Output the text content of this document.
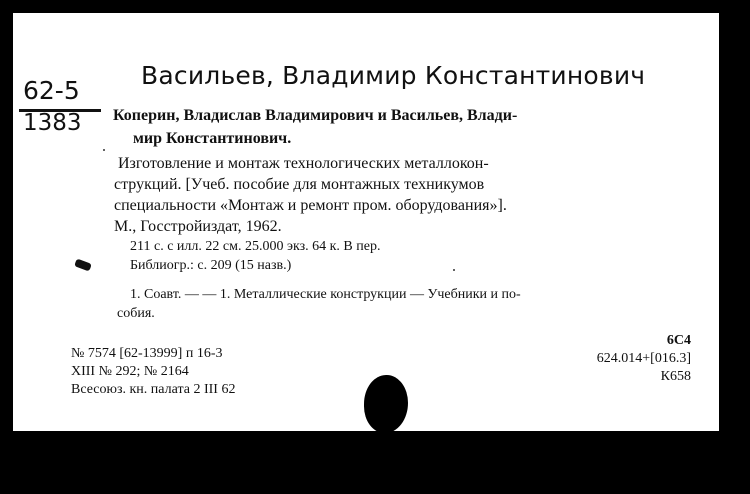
62-5
1383
Васильев, Владимир Константинович
Коперин, Владислав Владимирович и Васильев, Влади-
мир Константинович.
Изготовление и монтаж технологических металлокон-
струкций. [Учеб. пособие для монтажных техникумов
специальности «Монтаж и ремонт пром. оборудования»].
М., Госстройиздат, 1962.
211 с. с илл. 22 см. 25.000 экз. 64 к. В пер.
Библиогр.: с. 209 (15 назв.)
1. Соавт. — — 1. Металлические конструкции — Учебники и по-
собия.
№ 7574 [62-13999] п 16-3
XIII № 292; № 2164
Всесоюз. кн. палата 2 III 62
6С4
624.014+[016.3]
К658
